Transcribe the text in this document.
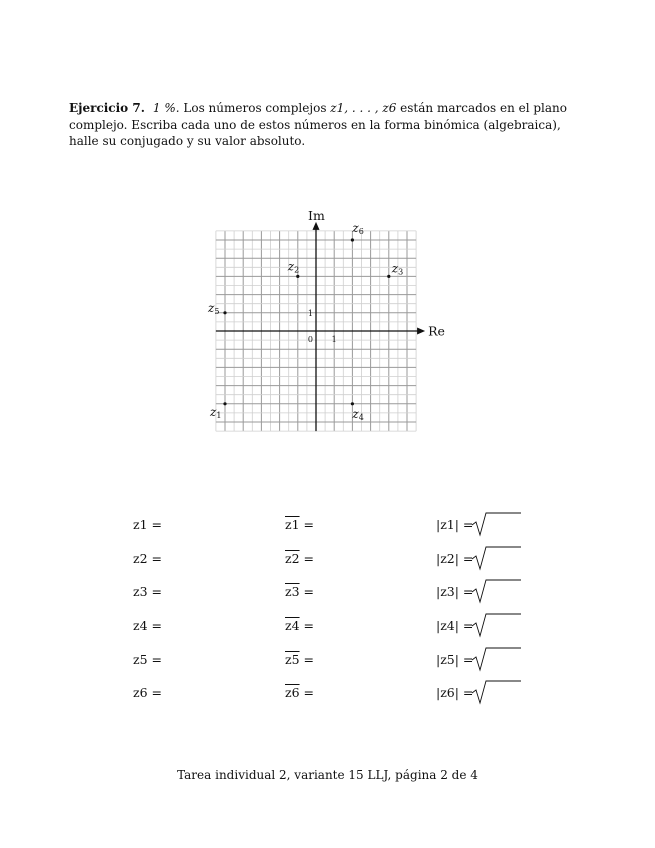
Ejercicio 7. 1 %. Los números complejos z1, . . . , z6 están marcados en el plano complejo. Escriba cada uno de estos números en la forma binómica (algebraica), halle su conjugado y su valor absoluto.
Re
Im
0 1
1
z1
z2	z3
z4
z5
z6
z1 =	z1 =	|z1| =
z2 =	z2 =	|z2| =
z3 =	z3 =	|z3| =
z4 =	z4 =	|z4| =
z5 =	z5 =	|z5| =
z6 =	z6 =	|z6| =
Tarea individual 2, variante 15 LLJ, página 2 de 4
